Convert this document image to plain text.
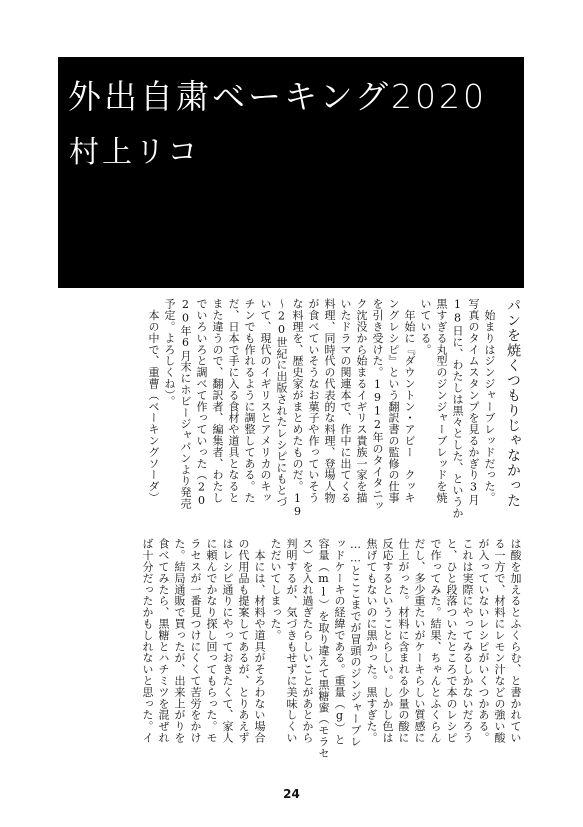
外出自粛ベーキング2020

村上リコ

パンを焼くつもりじゃなかった

　始まりはジンジャーブレッドだった。

写真のタイムスタンプを見るかぎり3月

18日に、わたしは黒々とした、というか

黒すぎる丸型のジンジャーブレッドを焼

いている。

　年始に『ダウントン・アビー　クッキ

ングレシピ』という翻訳書の監修の仕事

を引き受けた。1912年のタイタニッ

ク沈没から始まるイギリス貴族一家を描

いたドラマの関連本で、作中に出てくる

料理、同時代の代表的な料理、登場人物

が食べていそうなお菓子や作っていそう

な料理を、歴史家がまとめたものだ。19

〜20世紀に出版されたレシピにもとづ

いて、現代のイギリスとアメリカのキッ

チンでも作れるように調整してある。た

だ、日本で手に入る食材や道具となると

また違うので、翻訳者、編集者、わたし

でいろいろと調べて作っていった（20

20年6月末にホビージャパンより発売

予定。よろしくね）。

　本の中で、重曹（ベーキングソーダ）

は酸を加えるとふくらむ、と書かれてい

る一方で、材料にレモン汁などの強い酸

が入っていないレシピがいくつかある。

これは実際にやってみるしかないだろう

と、ひと段落ついたところで本のレシピ

で作ってみた。結果、ちゃんとふくらん

だし、多少重たいがケーキらしい質感に

仕上がった。材料に含まれる少量の酸に

反応するということらしい。しかし色は

焦げてもないのに黒かった。黒すぎた。

……とここまでが冒頭のジンジャーブレ

ッドケーキの経緯である。重量（g）と

容量（ml）を取り違えて黒糖蜜（モラセ

ス）を入れ過ぎたらしいことがあとから

判明するが、気づきもせずに美味しくい

ただいてしまった。

　本には、材料や道具がそろわない場合

の代用品も提案してあるが、とりあえず

はレシピ通りにやっておきたくて、家人

に頼んでかなり探し回ってもらった。モ

ラセスが一番見つけにくくて苦労をかけ

た。結局通販で買ったが、出来上がりを

食べてみたら、黒糖とハチミツを混ぜれ

ば十分だったかもしれないと思った。イ

24
